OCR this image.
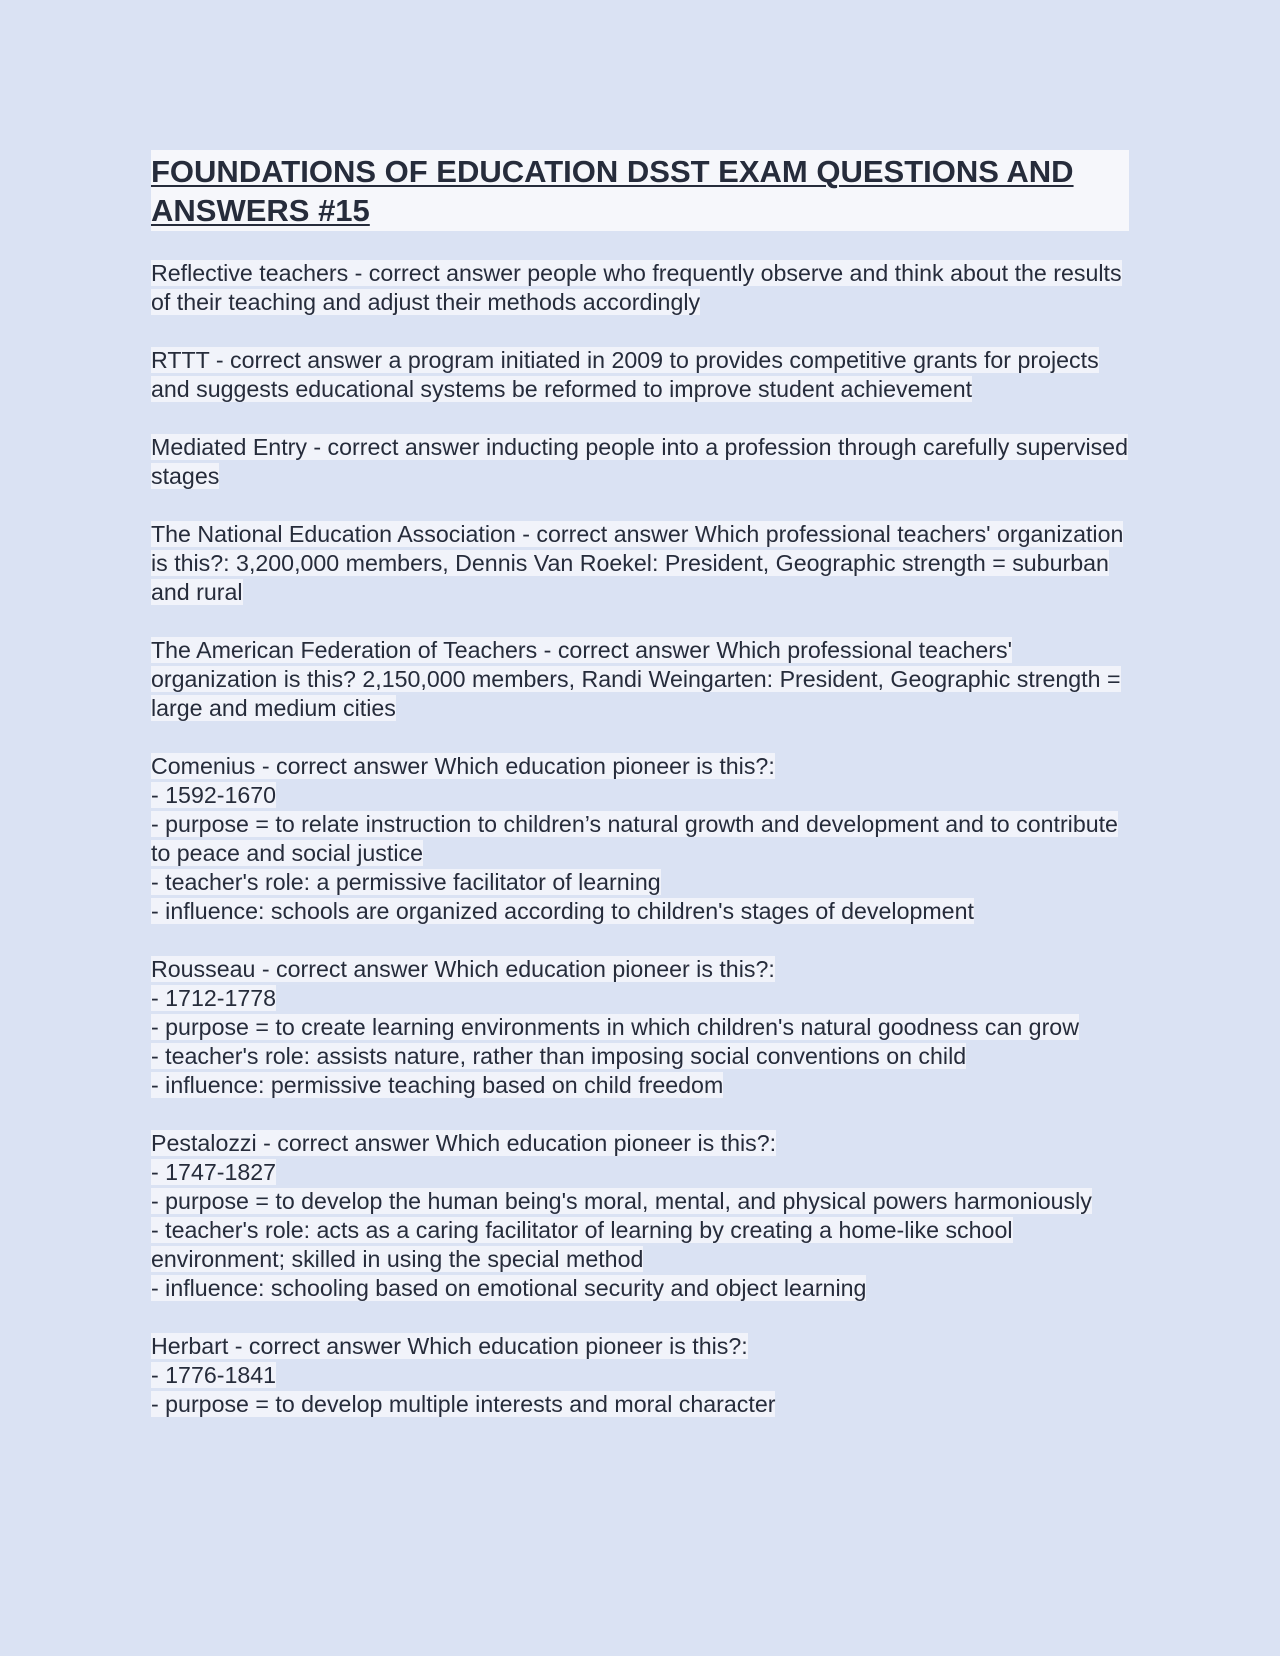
FOUNDATIONS OF EDUCATION DSST EXAM QUESTIONS AND ANSWERS #15
Reflective teachers - correct answer people who frequently observe and think about the results of their teaching and adjust their methods accordingly
RTTT - correct answer a program initiated in 2009 to provides competitive grants for projects and suggests educational systems be reformed to improve student achievement
Mediated Entry - correct answer inducting people into a profession through carefully supervised stages
The National Education Association - correct answer Which professional teachers' organization is this?: 3,200,000 members, Dennis Van Roekel: President, Geographic strength = suburban and rural
The American Federation of Teachers - correct answer Which professional teachers' organization is this? 2,150,000 members, Randi Weingarten: President, Geographic strength = large and medium cities
Comenius - correct answer Which education pioneer is this?:
- 1592-1670
- purpose = to relate instruction to children’s natural growth and development and to contribute to peace and social justice
- teacher's role: a permissive facilitator of learning
- influence: schools are organized according to children's stages of development
Rousseau - correct answer Which education pioneer is this?:
- 1712-1778
- purpose = to create learning environments in which children's natural goodness can grow
- teacher's role: assists nature, rather than imposing social conventions on child
- influence: permissive teaching based on child freedom
Pestalozzi - correct answer Which education pioneer is this?:
- 1747-1827
- purpose = to develop the human being's moral, mental, and physical powers harmoniously
- teacher's role: acts as a caring facilitator of learning by creating a home-like school environment; skilled in using the special method
- influence: schooling based on emotional security and object learning
Herbart - correct answer Which education pioneer is this?:
- 1776-1841
- purpose = to develop multiple interests and moral character
